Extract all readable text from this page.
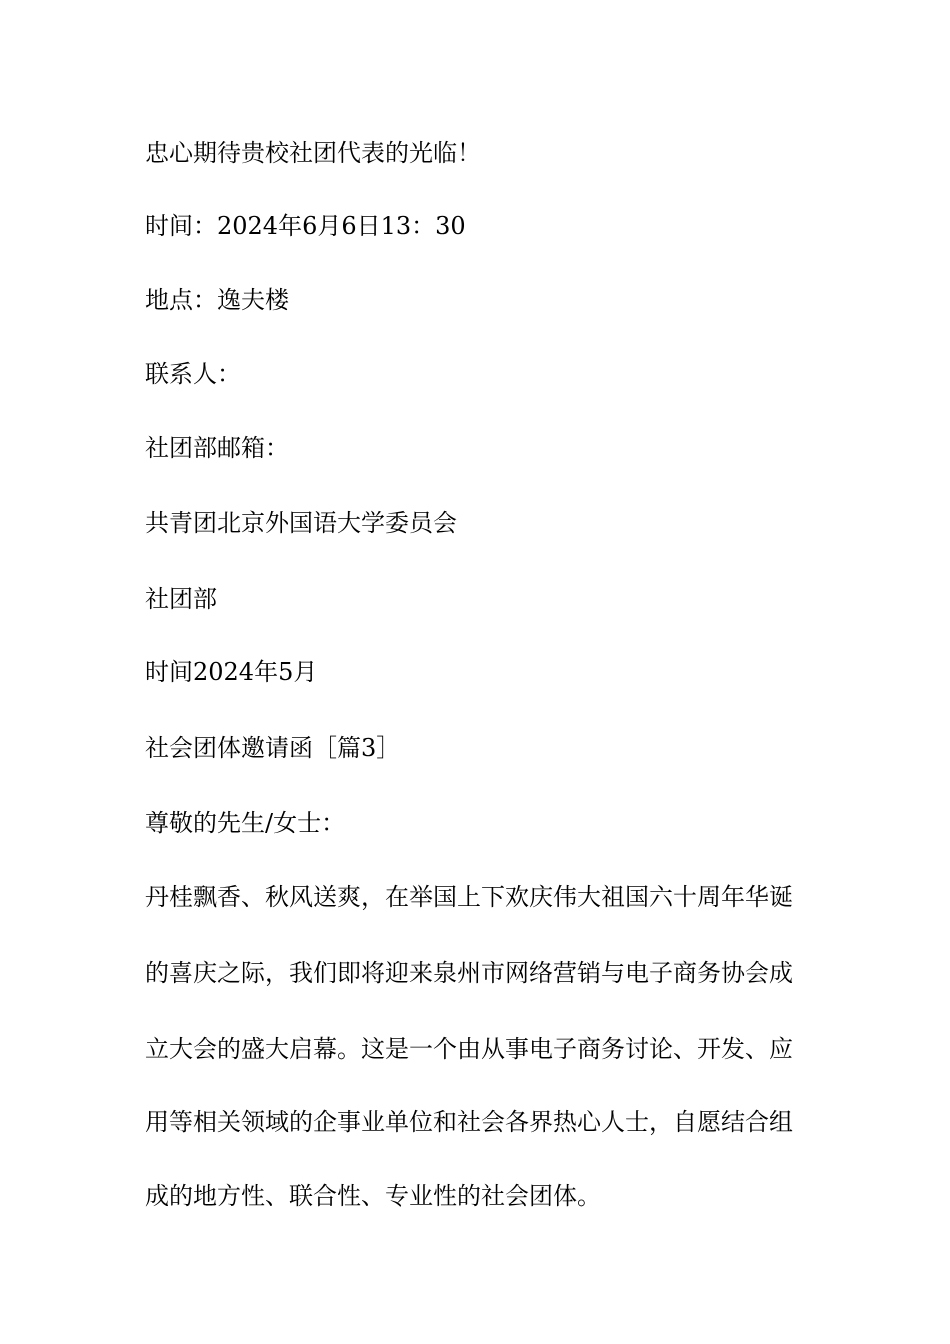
忠心期待贵校社团代表的光临！

时间：2024年6月6日13：30

地点：逸夫楼

联系人：

社团部邮箱：

共青团北京外国语大学委员会

社团部

时间2024年5月

社会团体邀请函［篇3］

尊敬的先生/女士：

丹桂飘香、秋风送爽，在举国上下欢庆伟大祖国六十周年华诞

的喜庆之际，我们即将迎来泉州市网络营销与电子商务协会成

立大会的盛大启幕。这是一个由从事电子商务讨论、开发、应

用等相关领域的企事业单位和社会各界热心人士，自愿结合组

成的地方性、联合性、专业性的社会团体。
